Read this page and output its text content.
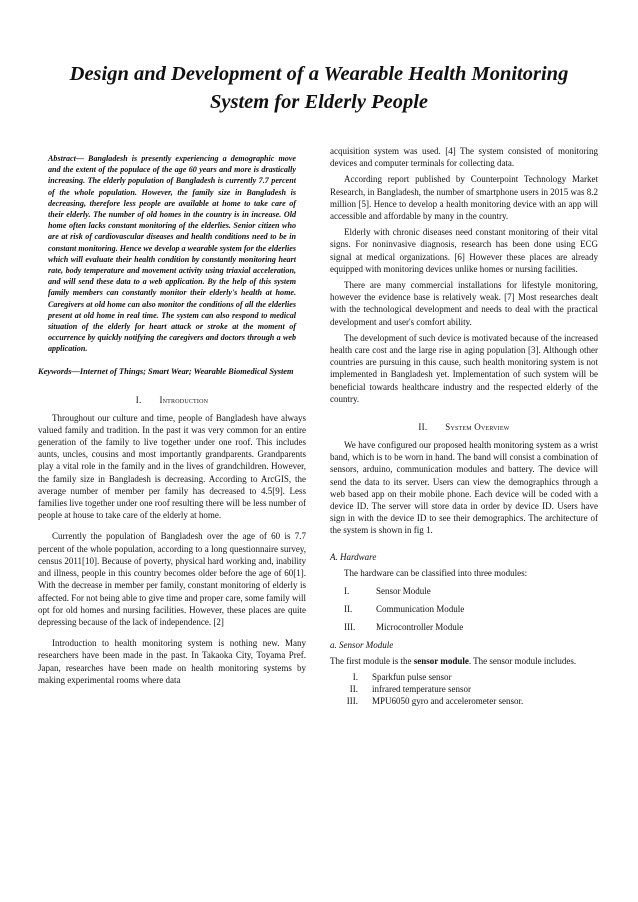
Design and Development of a Wearable Health Monitoring System for Elderly People
Abstract— Bangladesh is presently experiencing a demographic move and the extent of the populace of the age 60 years and more is drastically increasing. The elderly population of Bangladesh is currently 7.7 percent of the whole population. However, the family size in Bangladesh is decreasing, therefore less people are available at home to take care of their elderly. The number of old homes in the country is in increase. Old home often lacks constant monitoring of the elderlies. Senior citizen who are at risk of cardiovascular diseases and health conditions need to be in constant monitoring. Hence we develop a wearable system for the elderlies which will evaluate their health condition by constantly monitoring heart rate, body temperature and movement activity using triaxial acceleration, and will send these data to a web application. By the help of this system family members can constantly monitor their elderly's health at home. Caregivers at old home can also monitor the conditions of all the elderlies present at old home in real time. The system can also respond to medical situation of the elderly for heart attack or stroke at the moment of occurrence by quickly notifying the caregivers and doctors through a web application.
Keywords—Internet of Things; Smart Wear; Wearable Biomedical System
I. Introduction

Throughout our culture and time, people of Bangladesh have always valued family and tradition. In the past it was very common for an entire generation of the family to live together under one roof. This includes aunts, uncles, cousins and most importantly grandparents. Grandparents play a vital role in the family and in the lives of grandchildren. However, the family size in Bangladesh is decreasing. According to ArcGIS, the average number of member per family has decreased to 4.5[9]. Less families live together under one roof resulting there will be less number of people at house to take care of the elderly at home.

Currently the population of Bangladesh over the age of 60 is 7.7 percent of the whole population, according to a long questionnaire survey, census 2011[10]. Because of poverty, physical hard working and, inability and illness, people in this country becomes older before the age of 60[1]. With the decrease in member per family, constant monitoring of elderly is affected. For not being able to give time and proper care, some family will opt for old homes and nursing facilities. However, these places are quite depressing because of the lack of independence. [2]

Introduction to health monitoring system is nothing new. Many researchers have been made in the past. In Takaoka City, Toyama Pref. Japan, researches have been made on health monitoring systems by making experimental rooms where data

acquisition system was used. [4] The system consisted of monitoring devices and computer terminals for collecting data.

According report published by Counterpoint Technology Market Research, in Bangladesh, the number of smartphone users in 2015 was 8.2 million [5]. Hence to develop a health monitoring device with an app will accessible and affordable by many in the country.

Elderly with chronic diseases need constant monitoring of their vital signs. For noninvasive diagnosis, research has been done using ECG signal at medical organizations. [6] However these places are already equipped with monitoring devices unlike homes or nursing facilities.

There are many commercial installations for lifestyle monitoring, however the evidence base is relatively weak. [7] Most researches dealt with the technological development and needs to deal with the practical development and user's comfort ability.

The development of such device is motivated because of the increased health care cost and the large rise in aging population [3]. Although other countries are pursuing in this cause, such health monitoring system is not implemented in Bangladesh yet. Implementation of such system will be beneficial towards healthcare industry and the respected elderly of the country.

II. System Overview

We have configured our proposed health monitoring system as a wrist band, which is to be worn in hand. The band will consist a combination of sensors, arduino, communication modules and battery. The device will send the data to its server. Users can view the demographics through a web based app on their mobile phone. Each device will be coded with a device ID. The server will store data in order by device ID. Users have sign in with the device ID to see their demographics. The architecture of the system is shown in fig 1.

A. Hardware

The hardware can be classified into three modules:

I.	Sensor Module
II.	Communication Module
III.	Microcontroller Module
a. Sensor Module

The first module is the sensor module. The sensor module includes.

I. Sparkfun pulse sensor
II. infrared temperature sensor
III. MPU6050 gyro and accelerometer sensor.
